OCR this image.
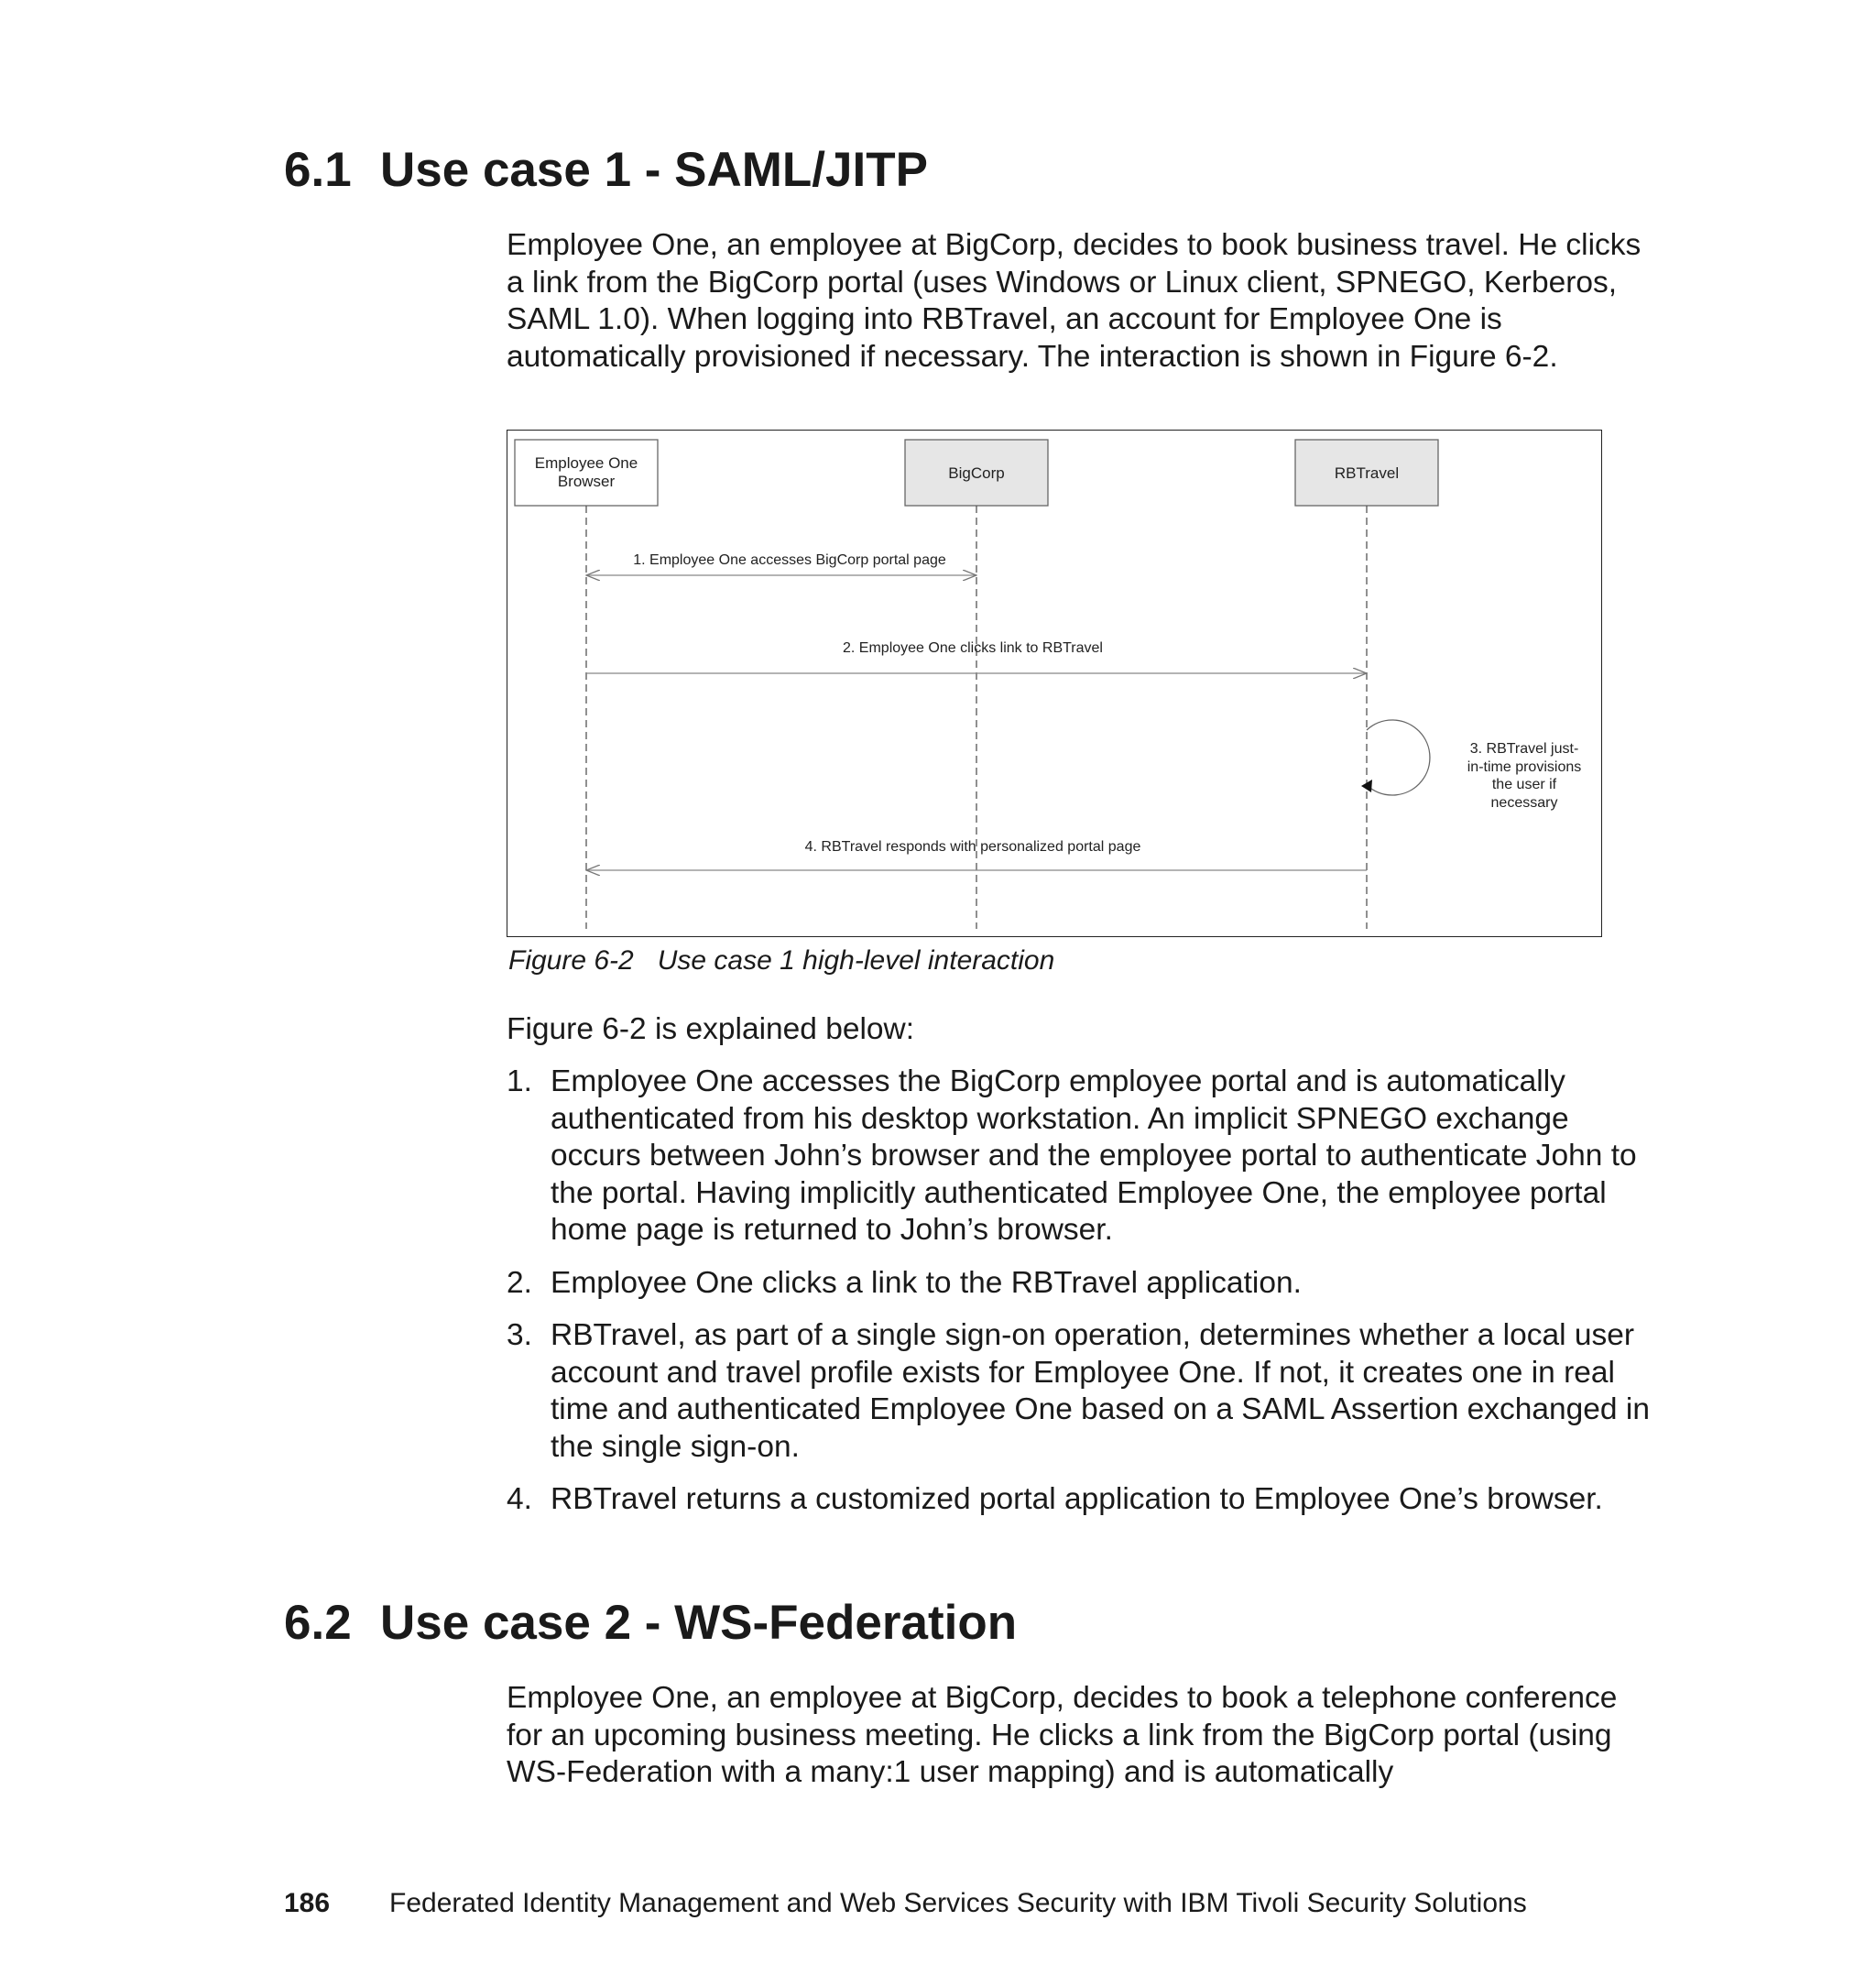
6.1 Use case 1 - SAML/JITP

Employee One, an employee at BigCorp, decides to book business travel. He clicks a link from the BigCorp portal (uses Windows or Linux client, SPNEGO, Kerberos, SAML 1.0). When logging into RBTravel, an account for Employee One is automatically provisioned if necessary. The interaction is shown in Figure 6-2.

Employee One
Browser	BigCorp	RBTravel
1. Employee One accesses BigCorp portal page
2. Employee One clicks link to RBTravel
3. RBTravel just-
in-time provisions
the user if
necessary
4. RBTravel responds with personalized portal page

Figure 6-2 Use case 1 high-level interaction

Figure 6-2 is explained below:

1. Employee One accesses the BigCorp employee portal and is automatically authenticated from his desktop workstation. An implicit SPNEGO exchange occurs between John’s browser and the employee portal to authenticate John to the portal. Having implicitly authenticated Employee One, the employee portal home page is returned to John’s browser.
2. Employee One clicks a link to the RBTravel application.
3. RBTravel, as part of a single sign-on operation, determines whether a local user account and travel profile exists for Employee One. If not, it creates one in real time and authenticated Employee One based on a SAML Assertion exchanged in the single sign-on.
4. RBTravel returns a customized portal application to Employee One’s browser.
6.2 Use case 2 - WS-Federation

Employee One, an employee at BigCorp, decides to book a telephone conference for an upcoming business meeting. He clicks a link from the BigCorp portal (using WS-Federation with a many:1 user mapping) and is automatically

186 Federated Identity Management and Web Services Security with IBM Tivoli Security Solutions
